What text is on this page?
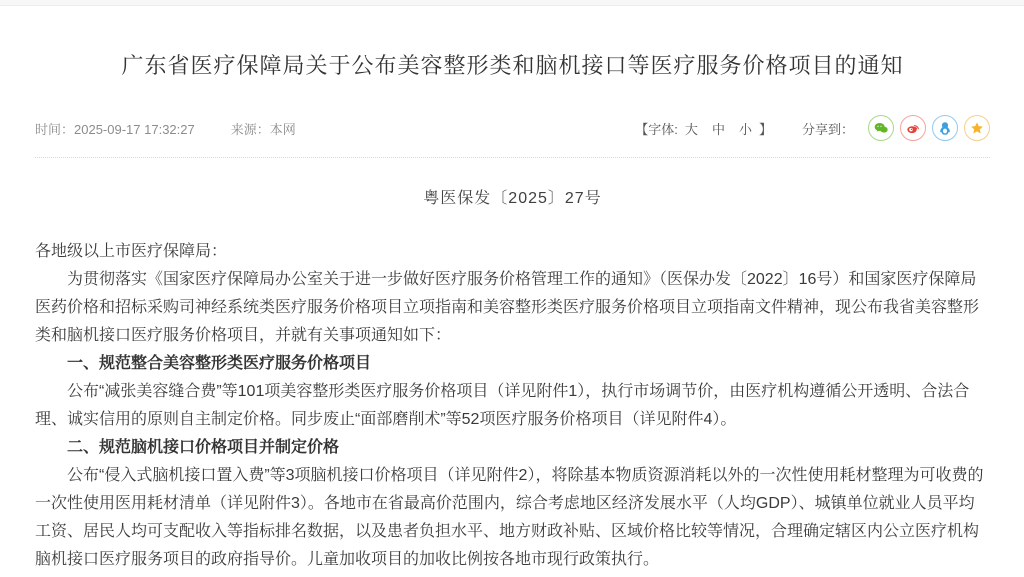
广东省医疗保障局关于公布美容整形类和脑机接口等医疗服务价格项目的通知
时间：2025-09-17 17:32:27	来源：本网	【字体: 大 中 小 】 分享到：
粤医保发〔2025〕27号

各地级以上市医疗保障局：

为贯彻落实《国家医疗保障局办公室关于进一步做好医疗服务价格管理工作的通知》（医保办发〔2022〕16号）和国家医疗保障局医药价格和招标采购司神经系统类医疗服务价格项目立项指南和美容整形类医疗服务价格项目立项指南文件精神，现公布我省美容整形类和脑机接口医疗服务价格项目，并就有关事项通知如下：

一、规范整合美容整形类医疗服务价格项目

公布“减张美容缝合费”等101项美容整形类医疗服务价格项目（详见附件1），执行市场调节价，由医疗机构遵循公开透明、合法合理、诚实信用的原则自主制定价格。同步废止“面部磨削术”等52项医疗服务价格项目（详见附件4）。

二、规范脑机接口价格项目并制定价格

公布“侵入式脑机接口置入费”等3项脑机接口价格项目（详见附件2），将除基本物质资源消耗以外的一次性使用耗材整理为可收费的一次性使用医用耗材清单（详见附件3）。各地市在省最高价范围内，综合考虑地区经济发展水平（人均GDP）、城镇单位就业人员平均工资、居民人均可支配收入等指标排名数据，以及患者负担水平、地方财政补贴、区域价格比较等情况，合理确定辖区内公立医疗机构脑机接口医疗服务项目的政府指导价。儿童加收项目的加收比例按各地市现行政策执行。
